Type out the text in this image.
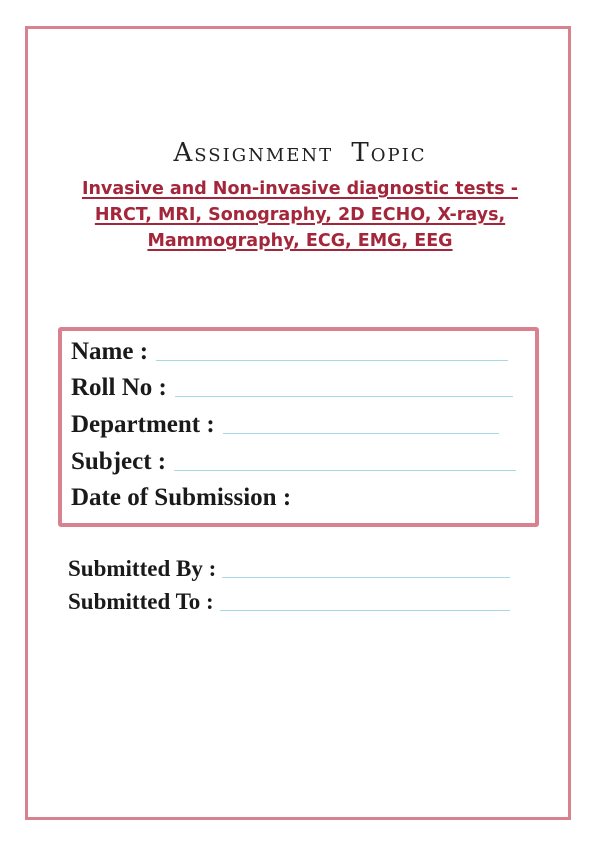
Assignment Topic
Invasive and Non-invasive diagnostic tests -
HRCT, MRI, Sonography, 2D ECHO, X-rays,
Mammography, ECG, EMG, EEG
Name :
Roll No :
Department :
Subject :
Date of Submission :
Submitted By :
Submitted To :
